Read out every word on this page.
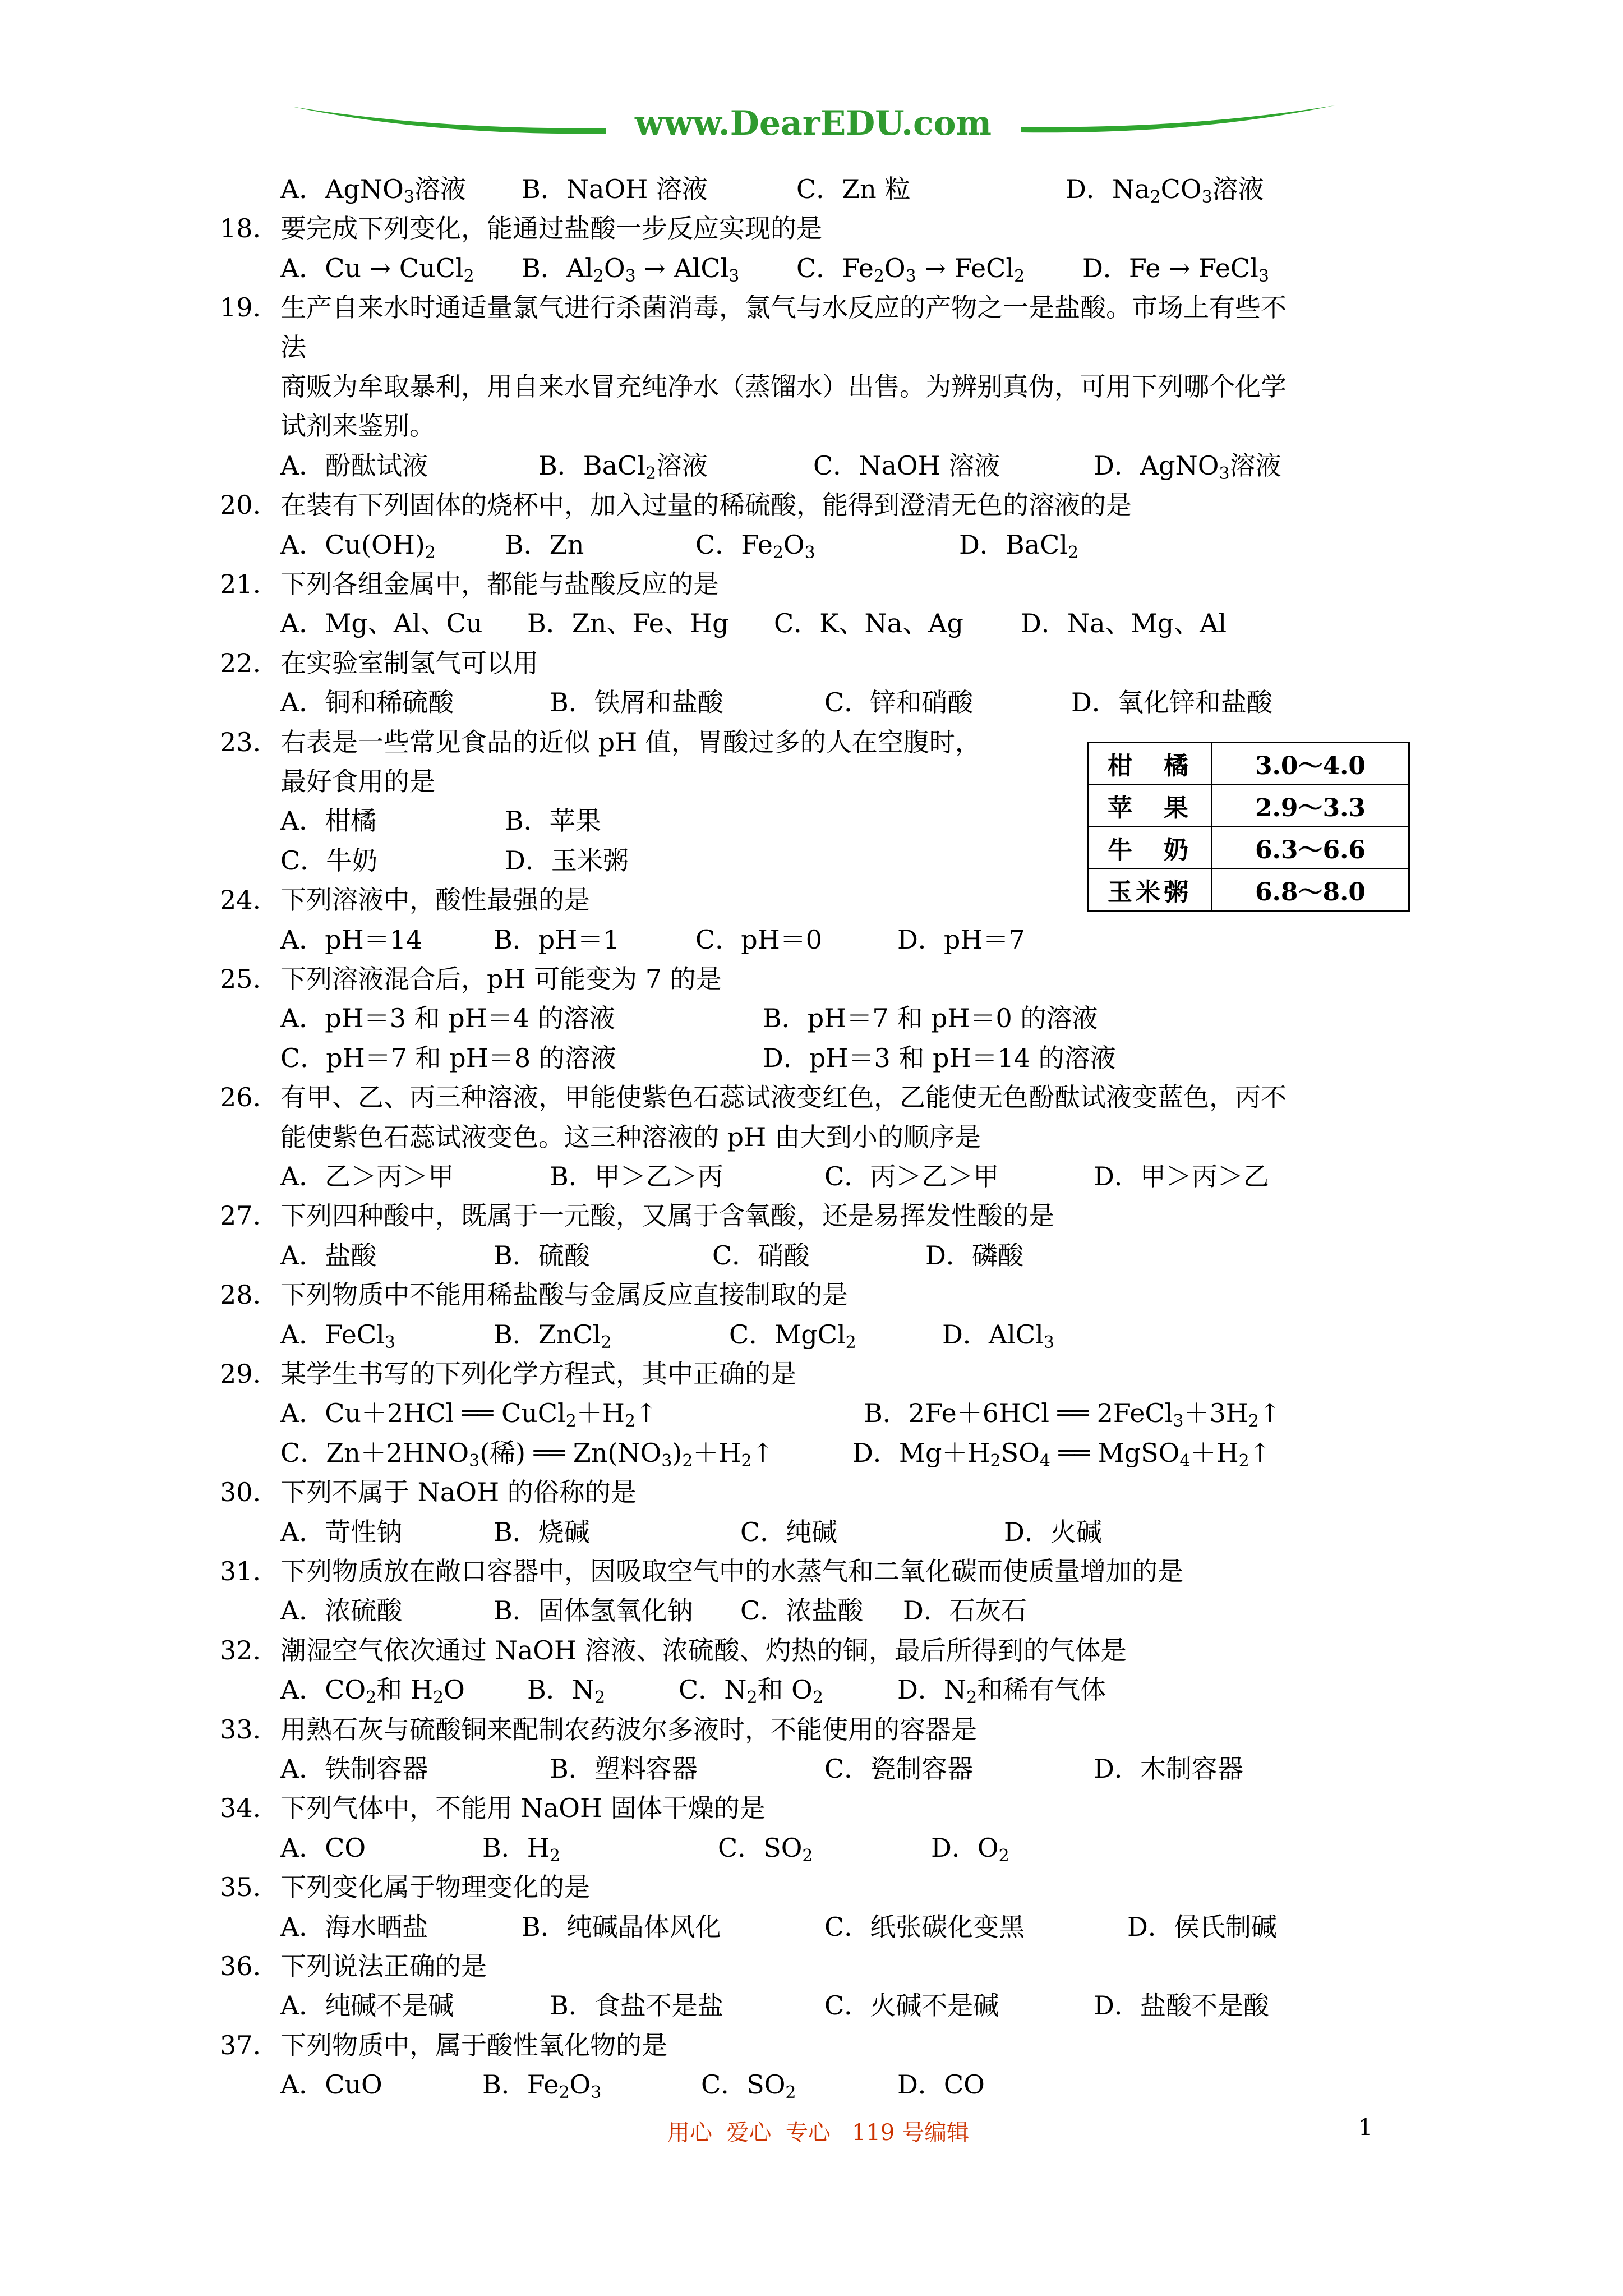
www.DearEDU.com
A．AgNO$_3$溶液 B．NaOH 溶液	C．Zn 粒	D．$Na_2CO_3$溶液
18. 要完成下列变化，能通过盐酸一步反应实现的是
A．Cu → CuCl$_2$ B．$Al_2O_3$ → AlCl$_3$ C．$Fe_2O_3$ → FeCl$_2$ D．Fe → FeCl$_3$
19. 生产自来水时通适量氯气进行杀菌消毒，氯气与水反应的产物之一是盐酸。市场上有些不
法
商贩为牟取暴利，用自来水冒充纯净水（蒸馏水）出售。为辨别真伪，可用下列哪个化学
试剂来鉴别。
A．酚酞试液	B．BaCl$_2$溶液	C．NaOH 溶液	D．AgNO$_3$溶液
20. 在装有下列固体的烧杯中，加入过量的稀硫酸，能得到澄清无色的溶液的是
A．$Cu(OH)_2$	B．Zn	C．$Fe_2O_3$	D．BaCl$_2$
21. 下列各组金属中，都能与盐酸反应的是
A．Mg、Al、Cu B．Zn、Fe、Hg C．K、Na、Ag D．Na、Mg、Al
22. 在实验室制氢气可以用
A．铜和稀硫酸	B．铁屑和盐酸	C．锌和硝酸	D．氧化锌和盐酸
23. 右表是一些常见食品的近似 pH 值，胃酸过多的人在空腹时，
最好食用的是
A．柑橘	B．苹果
C．牛奶	D．玉米粥
24. 下列溶液中，酸性最强的是
A．pH＝14	B．pH＝1	C．pH＝0	D．pH＝7
25. 下列溶液混合后，pH 可能变为 7 的是
A．pH＝3 和 pH＝4 的溶液	B．pH＝7 和 pH＝0 的溶液
C．pH＝7 和 pH＝8 的溶液	D．pH＝3 和 pH＝14 的溶液
26. 有甲、乙、丙三种溶液，甲能使紫色石蕊试液变红色，乙能使无色酚酞试液变蓝色，丙不
能使紫色石蕊试液变色。这三种溶液的 pH 由大到小的顺序是
A．乙＞丙＞甲	B．甲＞乙＞丙	C．丙＞乙＞甲	D．甲＞丙＞乙
27. 下列四种酸中，既属于一元酸，又属于含氧酸，还是易挥发性酸的是
A．盐酸	B．硫酸	C．硝酸	D．磷酸
28. 下列物质中不能用稀盐酸与金属反应直接制取的是
A．FeCl$_3$	B．ZnCl$_2$	C．MgCl$_2$	D．AlCl$_3$
29. 某学生书写的下列化学方程式，其中正确的是
A．Cu＋2HCl ══ $CuCl_2+H_2↑$	B．2Fe＋6HCl ══ $2FeCl_3+3H_2↑$
C．$Zn+2HNO_3$(稀) ══ $Zn(NO_3)_2+H_2↑$	D．$Mg+H_2SO_4$ ══ $MgSO_4+H_2↑$
30. 下列不属于 NaOH 的俗称的是
A．苛性钠	B．烧碱	C．纯碱	D．火碱
31. 下列物质放在敞口容器中，因吸取空气中的水蒸气和二氧化碳而使质量增加的是
A．浓硫酸	B．固体氢氧化钠 C．浓盐酸 D．石灰石
32. 潮湿空气依次通过 NaOH 溶液、浓硫酸、灼热的铜，最后所得到的气体是
A．$CO_2$和 $H_2O$ B．$N_2$	C．$N_2$和 $O_2$	D．$N_2$和稀有气体
33. 用熟石灰与硫酸铜来配制农药波尔多液时，不能使用的容器是
A．铁制容器	B．塑料容器	C．瓷制容器	D．木制容器
34. 下列气体中，不能用 NaOH 固体干燥的是
A．CO	B．$H_2$	C．$SO_2$	D．$O_2$
35. 下列变化属于物理变化的是
A．海水晒盐	B．纯碱晶体风化	C．纸张碳化变黑	D．侯氏制碱
36. 下列说法正确的是
A．纯碱不是碱	B．食盐不是盐	C．火碱不是碱	D．盐酸不是酸
37. 下列物质中，属于酸性氧化物的是
A．CuO	B．$Fe_2O_3$	C．$SO_2$	D．CO
柑　橘	3.0～4.0
苹　果	2.9～3.3
牛　奶	6.3～6.6
玉米粥	6.8～8.0
用心  爱心  专心   119 号编辑	1
